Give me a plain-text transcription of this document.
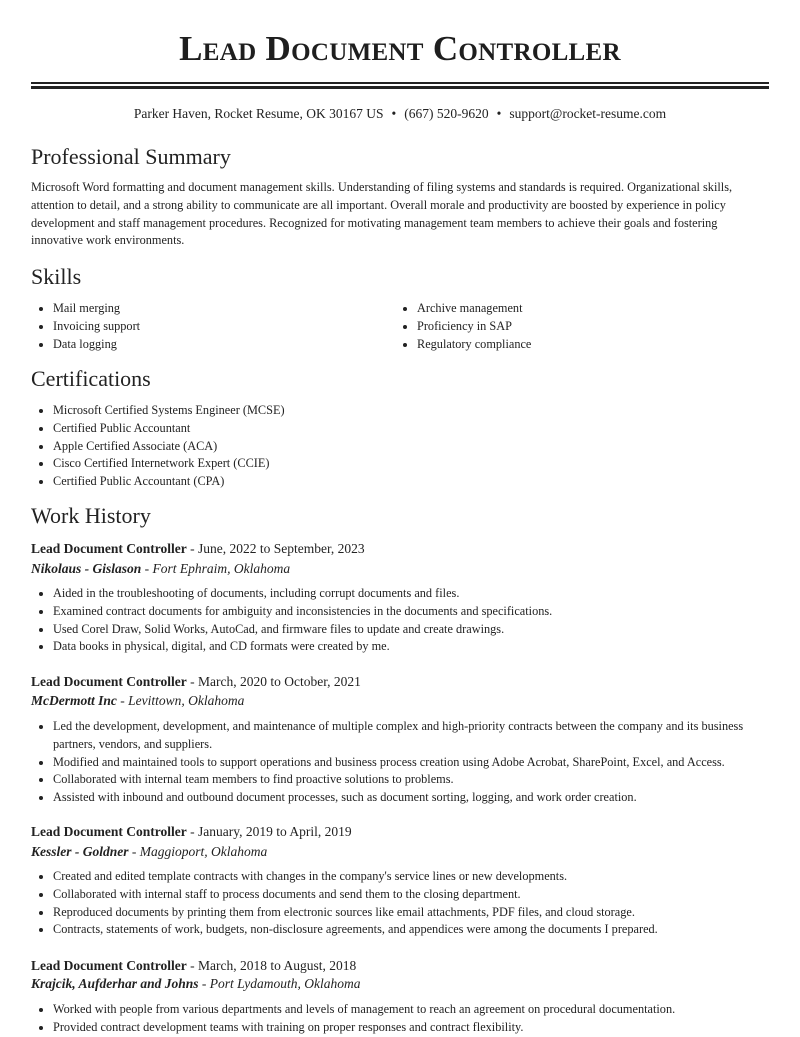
Lead Document Controller
Parker Haven, Rocket Resume, OK 30167 US • (667) 520-9620 • support@rocket-resume.com
Professional Summary

Microsoft Word formatting and document management skills. Understanding of filing systems and standards is required. Organizational skills, attention to detail, and a strong ability to communicate are all important. Overall morale and productivity are boosted by experience in policy development and staff management procedures. Recognized for motivating management team members to achieve their goals and fostering innovative work environments.

Skills
• Mail merging
• Invoicing support
• Data logging
• Archive management
• Proficiency in SAP
• Regulatory compliance
Certifications
• Microsoft Certified Systems Engineer (MCSE)
• Certified Public Accountant
• Apple Certified Associate (ACA)
• Cisco Certified Internetwork Expert (CCIE)
• Certified Public Accountant (CPA)
Work History
Lead Document Controller - June, 2022 to September, 2023
Nikolaus - Gislason - Fort Ephraim, Oklahoma
• Aided in the troubleshooting of documents, including corrupt documents and files.
• Examined contract documents for ambiguity and inconsistencies in the documents and specifications.
• Used Corel Draw, Solid Works, AutoCad, and firmware files to update and create drawings.
• Data books in physical, digital, and CD formats were created by me.
Lead Document Controller - March, 2020 to October, 2021
McDermott Inc - Levittown, Oklahoma
• Led the development, development, and maintenance of multiple complex and high-priority contracts between the company and its business partners, vendors, and suppliers.
• Modified and maintained tools to support operations and business process creation using Adobe Acrobat, SharePoint, Excel, and Access.
• Collaborated with internal team members to find proactive solutions to problems.
• Assisted with inbound and outbound document processes, such as document sorting, logging, and work order creation.
Lead Document Controller - January, 2019 to April, 2019
Kessler - Goldner - Maggioport, Oklahoma
• Created and edited template contracts with changes in the company's service lines or new developments.
• Collaborated with internal staff to process documents and send them to the closing department.
• Reproduced documents by printing them from electronic sources like email attachments, PDF files, and cloud storage.
• Contracts, statements of work, budgets, non-disclosure agreements, and appendices were among the documents I prepared.
Lead Document Controller - March, 2018 to August, 2018
Krajcik, Aufderhar and Johns - Port Lydamouth, Oklahoma
• Worked with people from various departments and levels of management to reach an agreement on procedural documentation.
• Provided contract development teams with training on proper responses and contract flexibility.
